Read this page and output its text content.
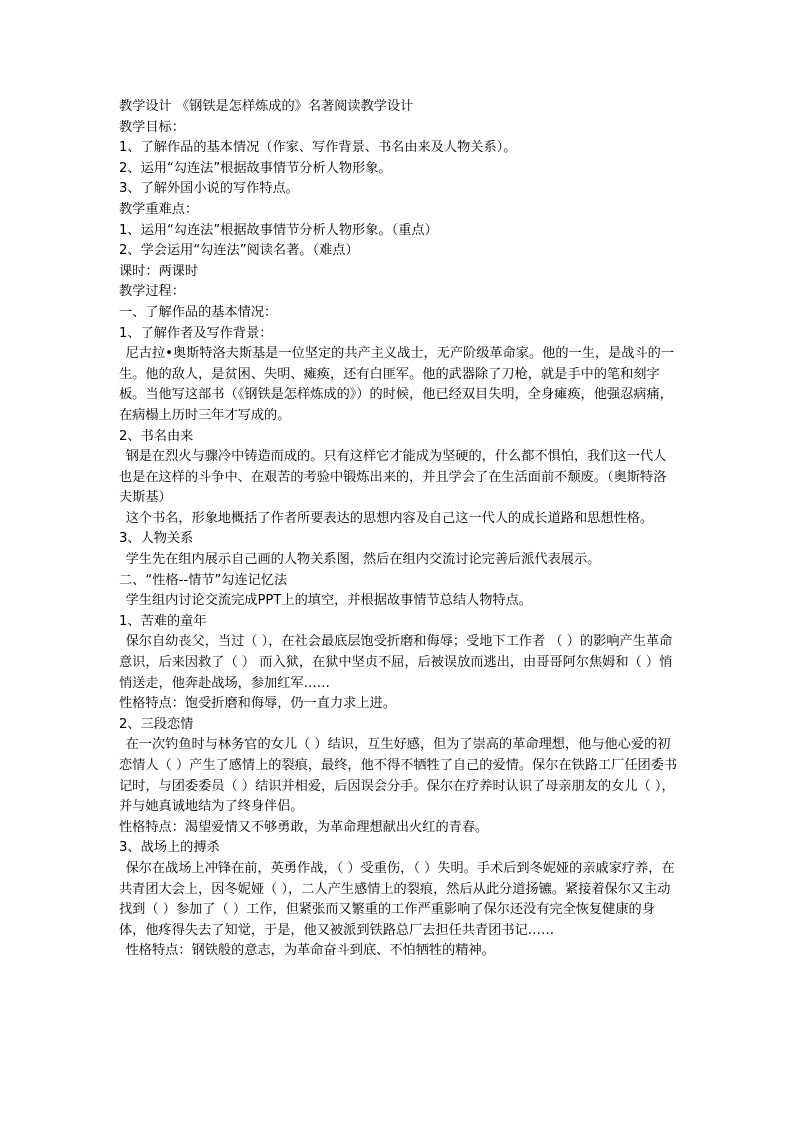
教学设计 《钢铁是怎样炼成的》名著阅读教学设计

教学目标：

1、了解作品的基本情况（作家、写作背景、书名由来及人物关系）。

2、运用“勾连法”根据故事情节分析人物形象。

3、了解外国小说的写作特点。

教学重难点：

1、运用“勾连法”根据故事情节分析人物形象。（重点）

2、学会运用“勾连法”阅读名著。（难点）

课时：两课时

教学过程：

一、了解作品的基本情况：

1、了解作者及写作背景：

尼古拉•奥斯特洛夫斯基是一位坚定的共产主义战士，无产阶级革命家。他的一生，是战斗的一生。他的敌人，是贫困、失明、瘫痪，还有白匪军。他的武器除了刀枪，就是手中的笔和刻字板。当他写这部书（《钢铁是怎样炼成的》）的时候，他已经双目失明，全身瘫痪，他强忍病痛，在病榻上历时三年才写成的。

2、书名由来

钢是在烈火与骤冷中铸造而成的。只有这样它才能成为坚硬的，什么都不惧怕，我们这一代人也是在这样的斗争中、在艰苦的考验中锻炼出来的，并且学会了在生活面前不颓废。（奥斯特洛夫斯基）

这个书名，形象地概括了作者所要表达的思想内容及自己这一代人的成长道路和思想性格。

3、人物关系

学生先在组内展示自己画的人物关系图，然后在组内交流讨论完善后派代表展示。

二、“性格--情节”勾连记忆法

学生组内讨论交流完成PPT上的填空，并根据故事情节总结人物特点。

1、苦难的童年

保尔自幼丧父，当过（ ），在社会最底层饱受折磨和侮辱；受地下工作者 （ ）的影响产生革命意识，后来因救了（ ） 而入狱，在狱中坚贞不屈，后被误放而逃出，由哥哥阿尔焦姆和（ ）悄悄送走，他奔赴战场，参加红军……

性格特点：饱受折磨和侮辱，仍一直力求上进。

2、三段恋情

在一次钓鱼时与林务官的女儿（ ）结识，互生好感，但为了崇高的革命理想，他与他心爱的初恋情人（ ）产生了感情上的裂痕，最终，他不得不牺牲了自己的爱情。保尔在铁路工厂任团委书记时，与团委委员（ ）结识并相爱，后因误会分手。保尔在疗养时认识了母亲朋友的女儿（ ），并与她真诚地结为了终身伴侣。

性格特点：渴望爱情又不够勇敢，为革命理想献出火红的青春。

3、战场上的搏杀

保尔在战场上冲锋在前，英勇作战，（ ）受重伤，（ ）失明。手术后到冬妮娅的亲戚家疗养，在共青团大会上，因冬妮娅（ ），二人产生感情上的裂痕，然后从此分道扬镳。紧接着保尔又主动找到（ ）参加了（ ）工作，但紧张而又繁重的工作严重影响了保尔还没有完全恢复健康的身体，他疼得失去了知觉，于是，他又被派到铁路总厂去担任共青团书记……

性格特点：钢铁般的意志，为革命奋斗到底、不怕牺牲的精神。
